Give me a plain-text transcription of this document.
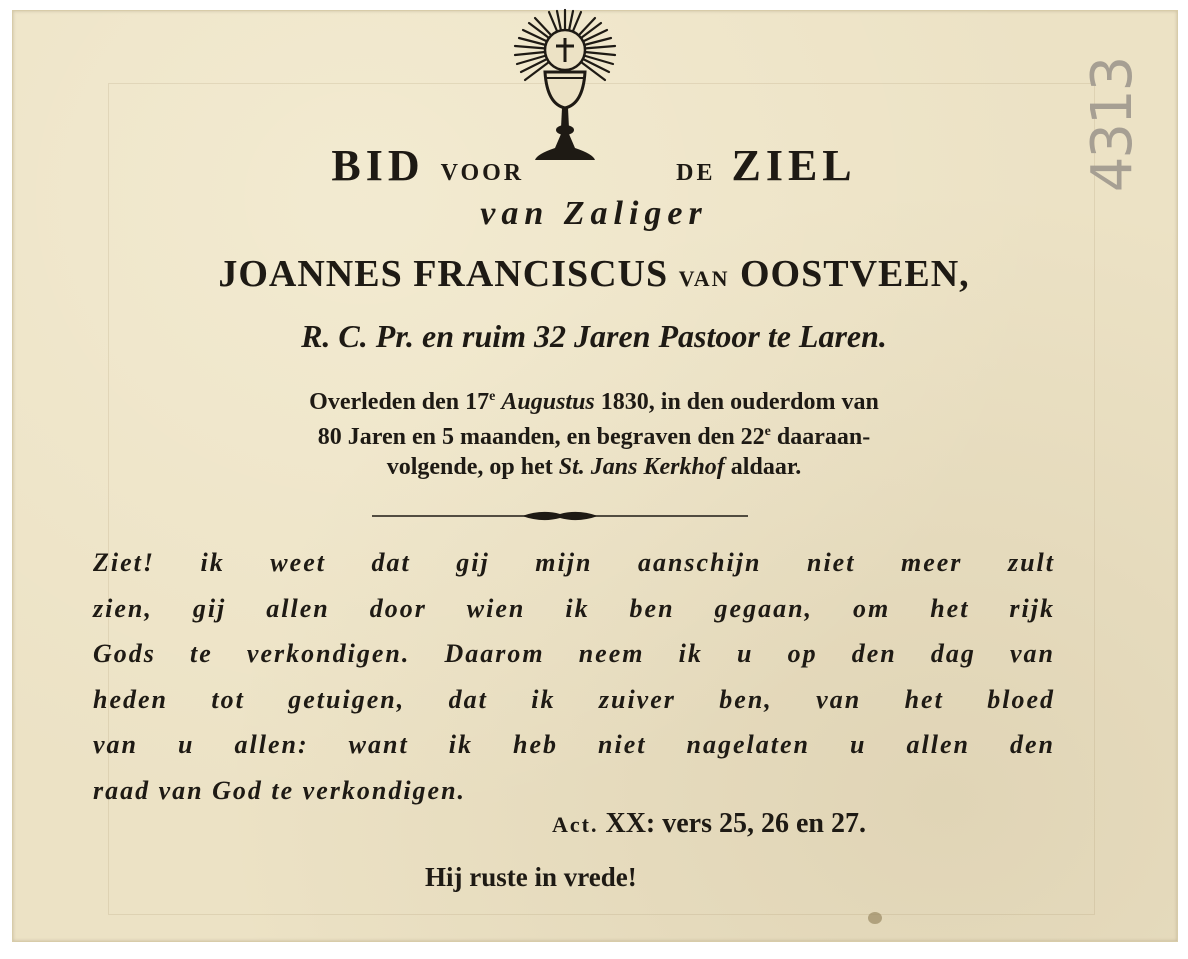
4313
BID VOOR	DE ZIEL
van Zaliger
JOANNES FRANCISCUS VAN OOSTVEEN,
R. C. Pr. en ruim 32 Jaren Pastoor te Laren.
Overleden den 17e Augustus 1830, in den ouderdom van
80 Jaren en 5 maanden, en begraven den 22e daaraan-
volgende, op het St. Jans Kerkhof aldaar.
Ziet! ik weet dat gij mijn aanschijn niet meer zult
zien, gij allen door wien ik ben gegaan, om het rijk
Gods te verkondigen. Daarom neem ik u op den dag van
heden tot getuigen, dat ik zuiver ben, van het bloed
van u allen: want ik heb niet nagelaten u allen den
raad van God te verkondigen.
Act. XX: vers 25, 26 en 27.
Hij ruste in vrede!
